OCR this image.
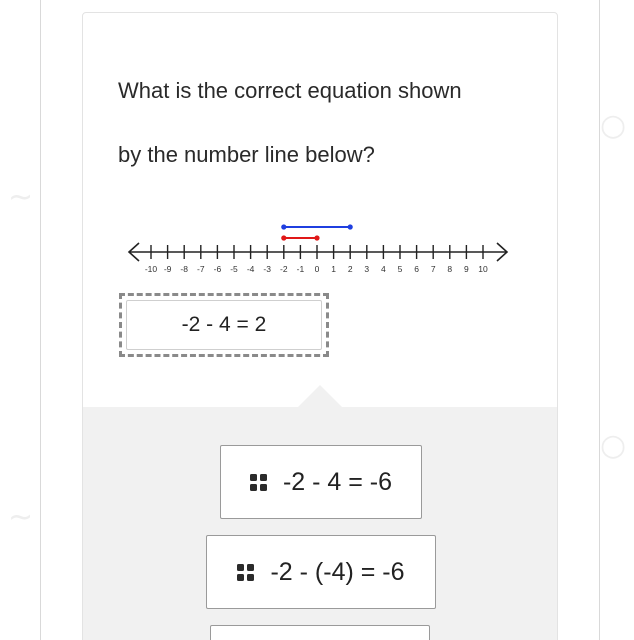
~
~
○
○
What is the correct equation shown
by the number line below?
-10 -9 -8 -7 -6 -5 -4 -3 -2 -1 0 1 2 3 4 5 6 7 8 9 10
-2 - 4 = 2
-2 - 4 = -6
-2 - (-4) = -6
